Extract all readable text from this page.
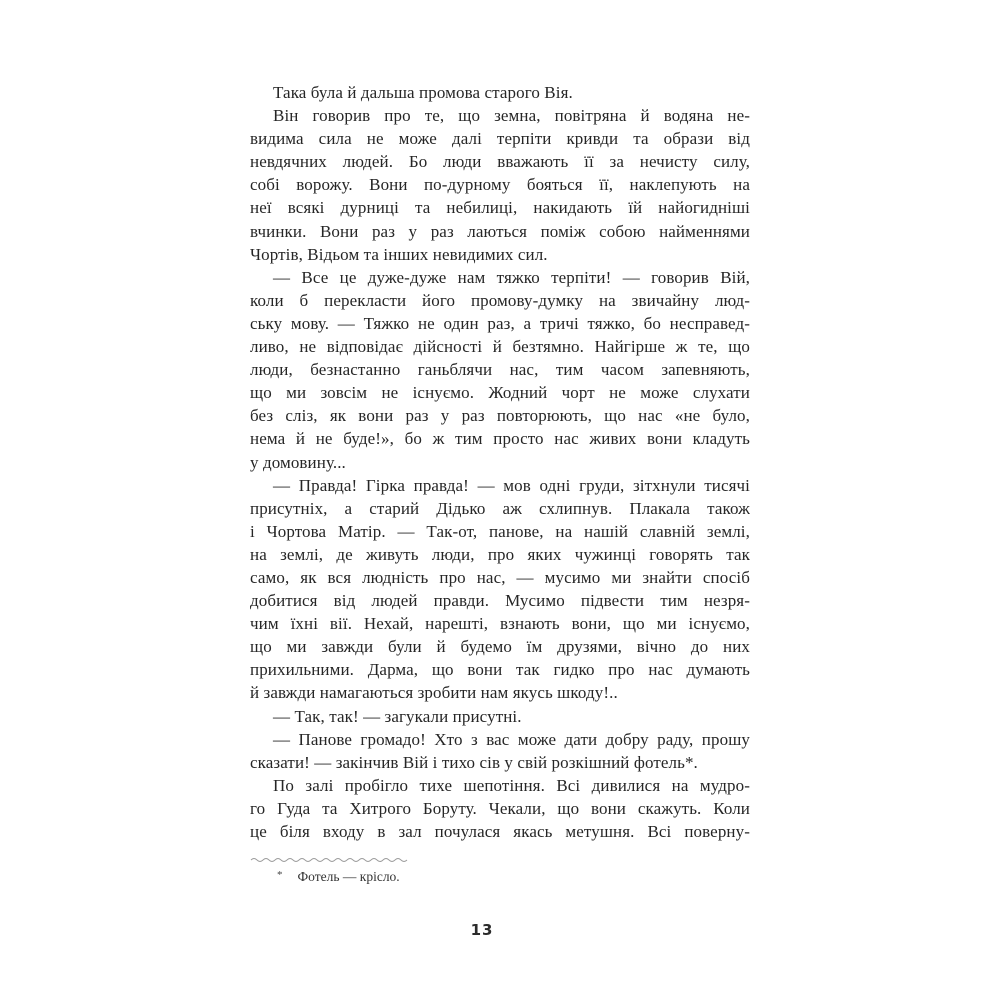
Така була й дальша промова старого Вія.
Він говорив про те, що земна, повітряна й водяна не-
видима сила не може далі терпіти кривди та образи від
невдячних людей. Бо люди вважають її за нечисту силу,
собі ворожу. Вони по-дурному бояться її, наклепують на
неї всякі дурниці та небилиці, накидають їй найогидніші
вчинки. Вони раз у раз лаються поміж собою найменнями
Чортів, Відьом та інших невидимих сил.
— Все це дуже-дуже нам тяжко терпіти! — говорив Вій,
коли б перекласти його промову-думку на звичайну люд-
ську мову. — Тяжко не один раз, а тричі тяжко, бо несправед-
ливо, не відповідає дійсності й безтямно. Найгірше ж те, що
люди, безнастанно ганьблячи нас, тим часом запевняють,
що ми зовсім не існуємо. Жодний чорт не може слухати
без сліз, як вони раз у раз повторюють, що нас «не було,
нема й не буде!», бо ж тим просто нас живих вони кладуть
у домовину...
— Правда! Гірка правда! — мов одні груди, зітхнули тисячі
присутніх, а старий Дідько аж схлипнув. Плакала також
і Чортова Матір. — Так-от, панове, на нашій славній землі,
на землі, де живуть люди, про яких чужинці говорять так
само, як вся людність про нас, — мусимо ми знайти спосіб
добитися від людей правди. Мусимо підвести тим незря-
чим їхні вії. Нехай, нарешті, взнають вони, що ми існуємо,
що ми завжди були й будемо їм друзями, вічно до них
прихильними. Дарма, що вони так гидко про нас думають
й завжди намагаються зробити нам якусь шкоду!..
— Так, так! — загукали присутні.
— Панове громадо! Хто з вас може дати добру раду, прошу
сказати! — закінчив Вій і тихо сів у свій розкішний фотель*.
По залі пробігло тихе шепотіння. Всі дивилися на мудро-
го Гуда та Хитрого Боруту. Чекали, що вони скажуть. Коли
це біля входу в зал почулася якась метушня. Всі поверну-
* Фотель — крісло.
13
